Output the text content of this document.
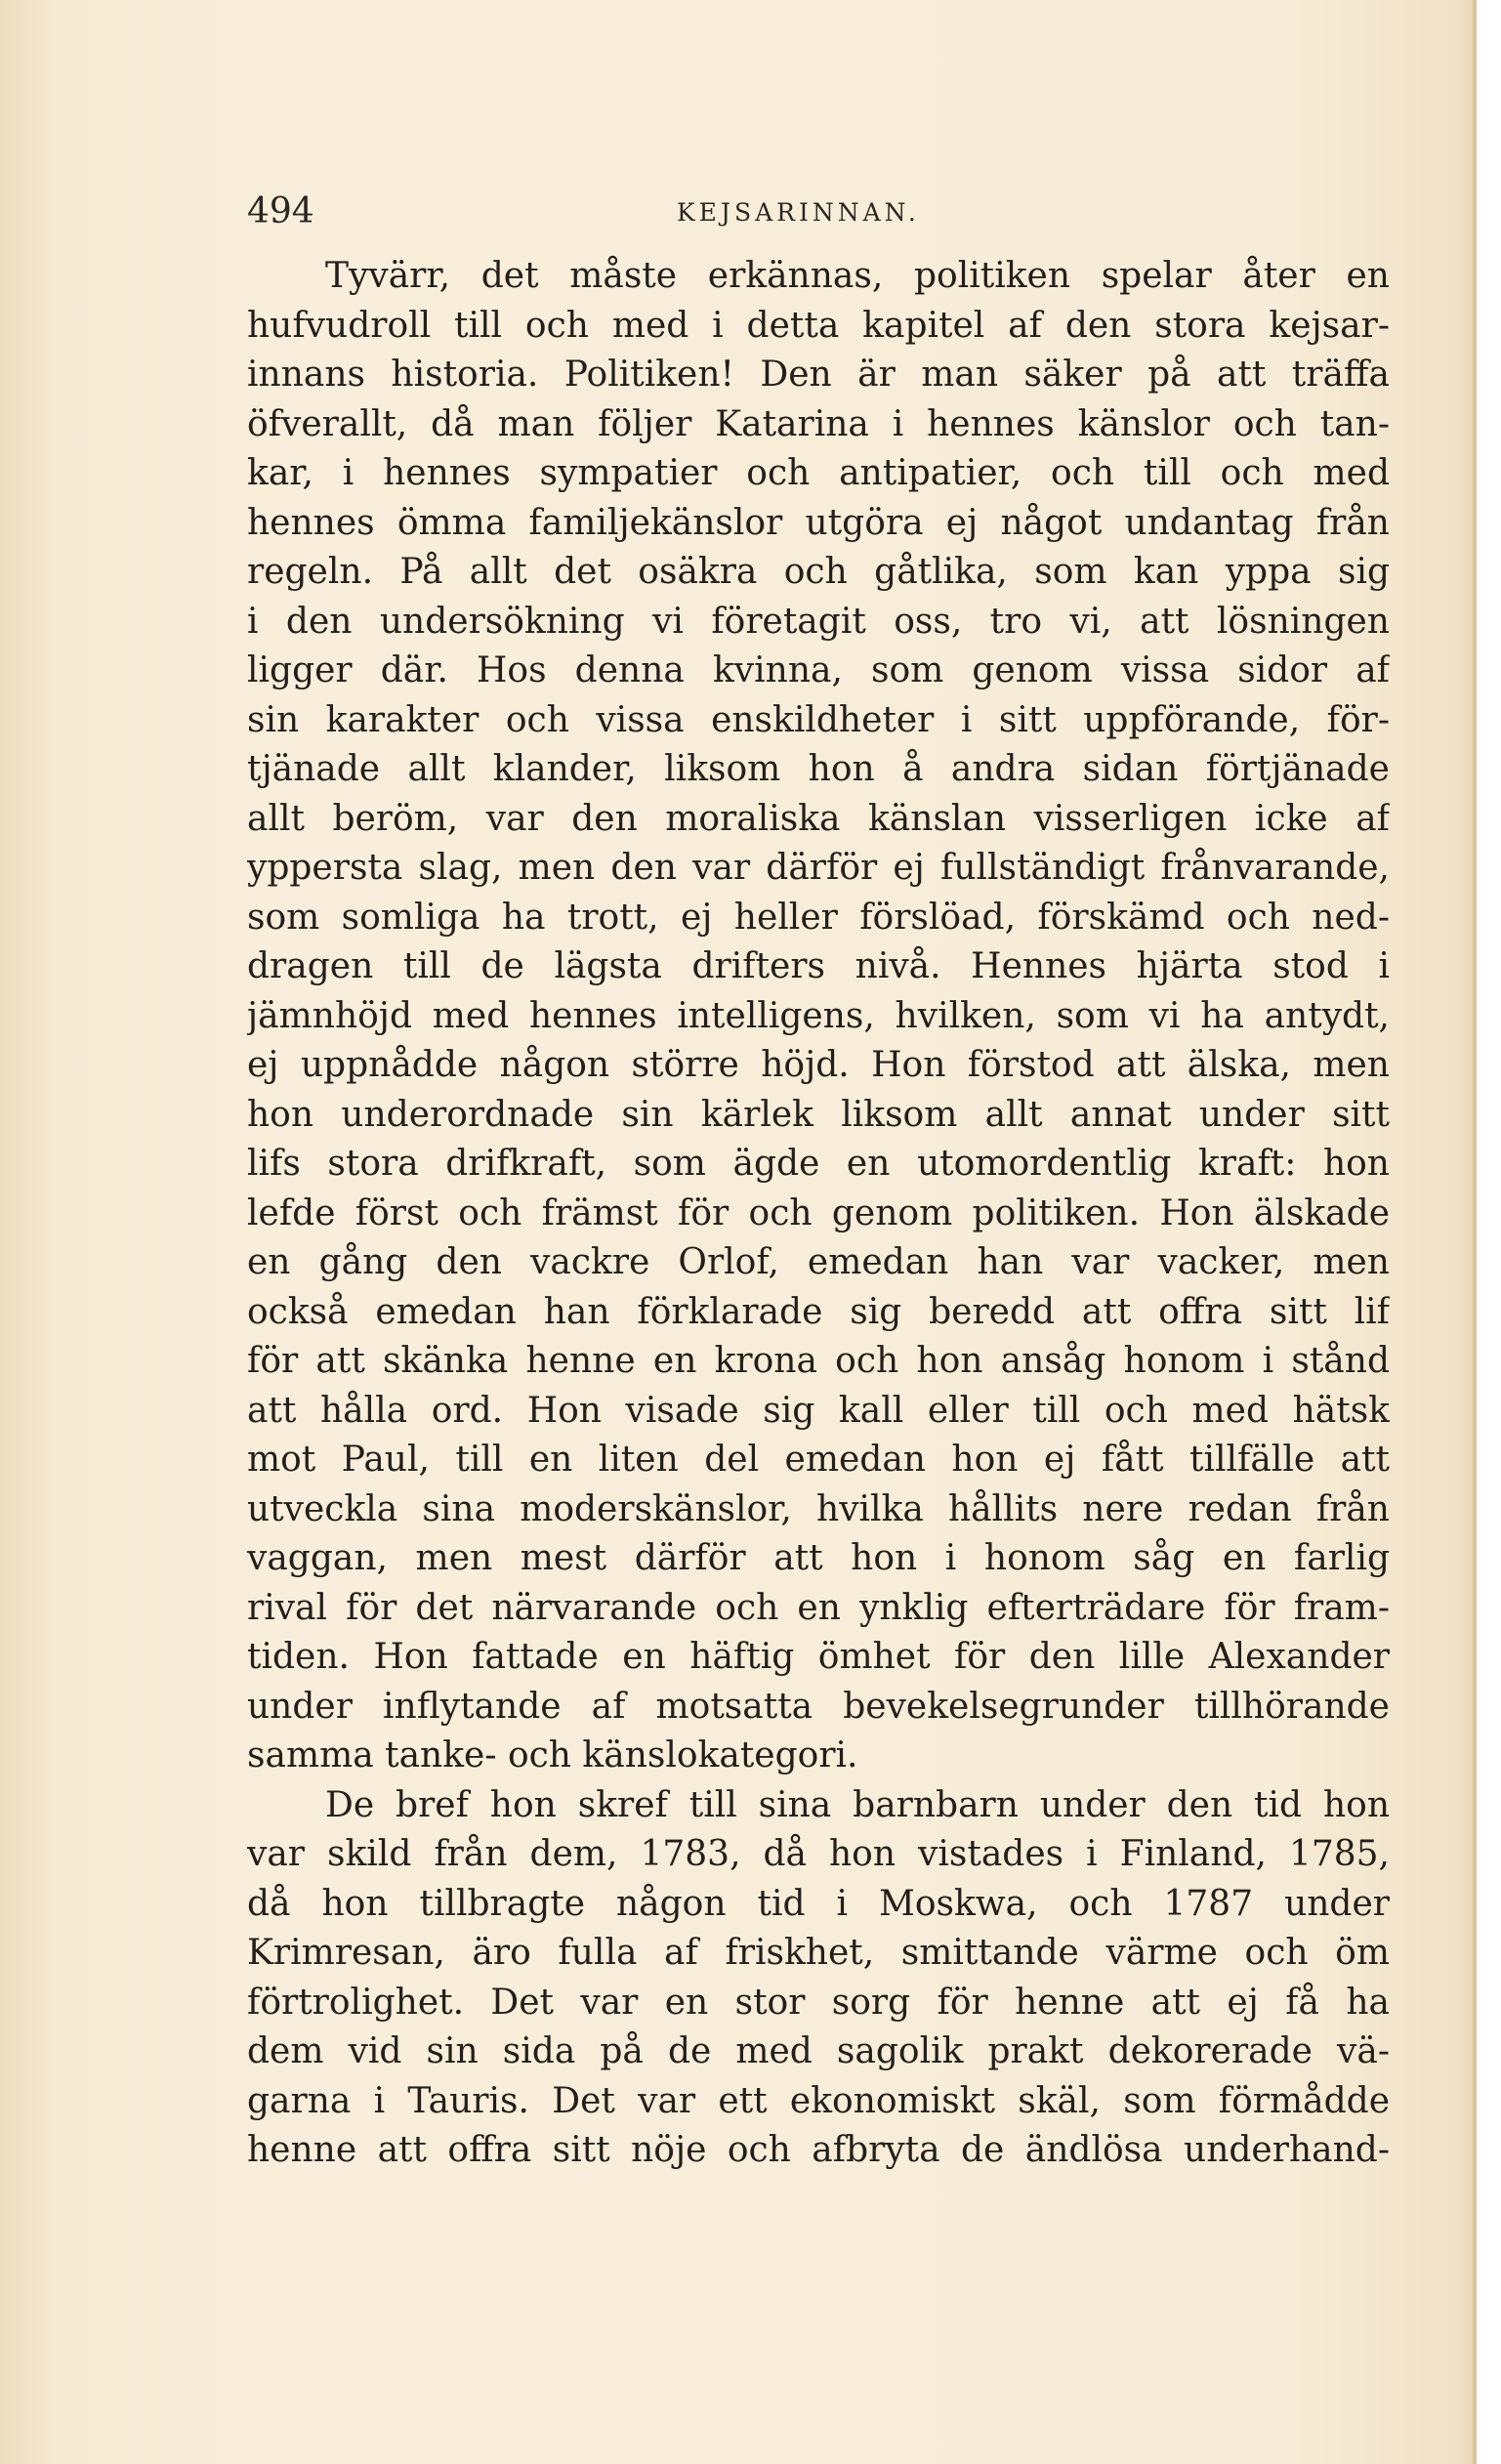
494	KEJSARINNAN.
Tyvärr, det måste erkännas, politiken spelar åter en
hufvudroll till och med i detta kapitel af den stora kejsar-
innans historia. Politiken! Den är man säker på att träffa
öfverallt, då man följer Katarina i hennes känslor och tan-
kar, i hennes sympatier och antipatier, och till och med
hennes ömma familjekänslor utgöra ej något undantag från
regeln. På allt det osäkra och gåtlika, som kan yppa sig
i den undersökning vi företagit oss, tro vi, att lösningen
ligger där. Hos denna kvinna, som genom vissa sidor af
sin karakter och vissa enskildheter i sitt uppförande, för-
tjänade allt klander, liksom hon å andra sidan förtjänade
allt beröm, var den moraliska känslan visserligen icke af
yppersta slag, men den var därför ej fullständigt frånvarande,
som somliga ha trott, ej heller förslöad, förskämd och ned-
dragen till de lägsta drifters nivå. Hennes hjärta stod i
jämnhöjd med hennes intelligens, hvilken, som vi ha antydt,
ej uppnådde någon större höjd. Hon förstod att älska, men
hon underordnade sin kärlek liksom allt annat under sitt
lifs stora drifkraft, som ägde en utomordentlig kraft: hon
lefde först och främst för och genom politiken. Hon älskade
en gång den vackre Orlof, emedan han var vacker, men
också emedan han förklarade sig beredd att offra sitt lif
för att skänka henne en krona och hon ansåg honom i stånd
att hålla ord. Hon visade sig kall eller till och med hätsk
mot Paul, till en liten del emedan hon ej fått tillfälle att
utveckla sina moderskänslor, hvilka hållits nere redan från
vaggan, men mest därför att hon i honom såg en farlig
rival för det närvarande och en ynklig efterträdare för fram-
tiden. Hon fattade en häftig ömhet för den lille Alexander
under inflytande af motsatta bevekelsegrunder tillhörande
samma tanke- och känslokategori.
De bref hon skref till sina barnbarn under den tid hon
var skild från dem, 1783, då hon vistades i Finland, 1785,
då hon tillbragte någon tid i Moskwa, och 1787 under
Krimresan, äro fulla af friskhet, smittande värme och öm
förtrolighet. Det var en stor sorg för henne att ej få ha
dem vid sin sida på de med sagolik prakt dekorerade vä-
garna i Tauris. Det var ett ekonomiskt skäl, som förmådde
henne att offra sitt nöje och afbryta de ändlösa underhand-
